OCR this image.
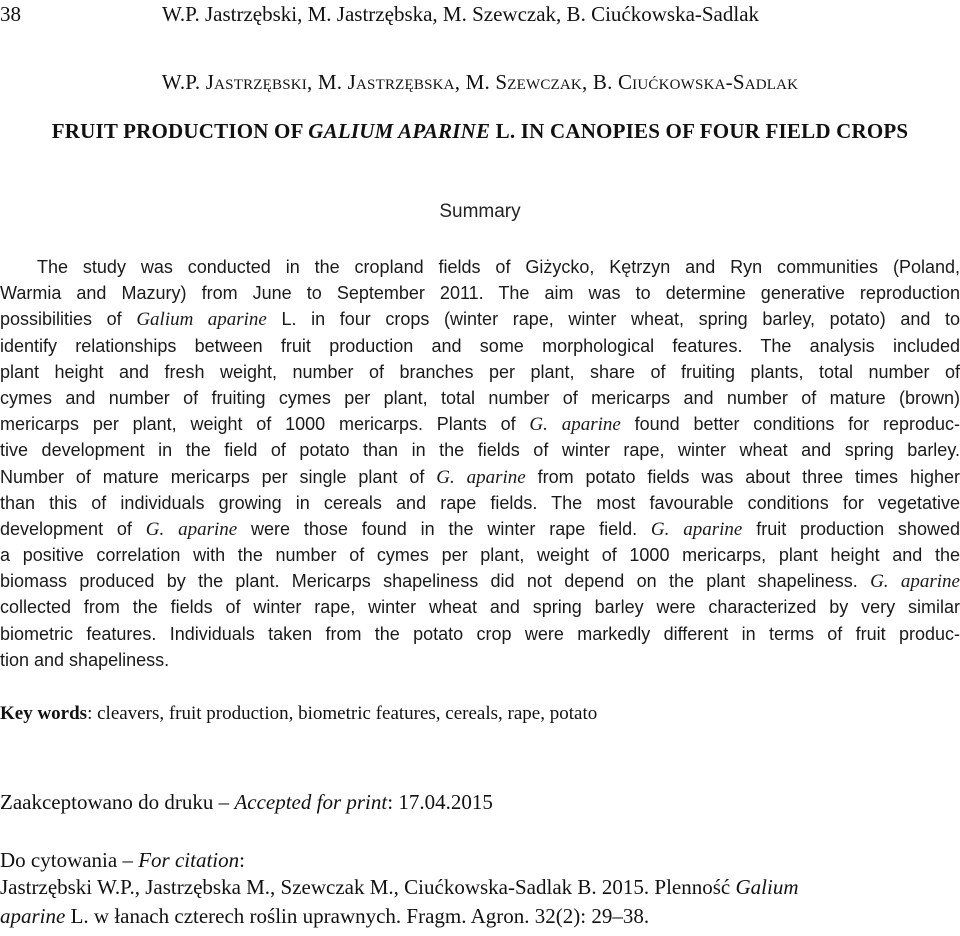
38	W.P. Jastrzębski, M. Jastrzębska, M. Szewczak, B. Ciućkowska-Sadlak
W.P. Jastrzębski, M. Jastrzębska, M. Szewczak, B. Ciućkowska-Sadlak
FRUIT PRODUCTION OF GALIUM APARINE L. IN CANOPIES OF FOUR FIELD CROPS
Summary
The study was conducted in the cropland fields of Giżycko, Kętrzyn and Ryn communities (Poland,
Warmia and Mazury) from June to September 2011. The aim was to determine generative reproduction
possibilities of Galium aparine L. in four crops (winter rape, winter wheat, spring barley, potato) and to
identify relationships between fruit production and some morphological features. The analysis included
plant height and fresh weight, number of branches per plant, share of fruiting plants, total number of
cymes and number of fruiting cymes per plant, total number of mericarps and number of mature (brown)
mericarps per plant, weight of 1000 mericarps. Plants of G. aparine found better conditions for reproduc-
tive development in the field of potato than in the fields of winter rape, winter wheat and spring barley.
Number of mature mericarps per single plant of G. aparine from potato fields was about three times higher
than this of individuals growing in cereals and rape fields. The most favourable conditions for vegetative
development of G. aparine were those found in the winter rape field. G. aparine fruit production showed
a positive correlation with the number of cymes per plant, weight of 1000 mericarps, plant height and the
biomass produced by the plant. Mericarps shapeliness did not depend on the plant shapeliness. G. aparine
collected from the fields of winter rape, winter wheat and spring barley were characterized by very similar
biometric features. Individuals taken from the potato crop were markedly different in terms of fruit produc-
tion and shapeliness.
Key words: cleavers, fruit production, biometric features, cereals, rape, potato
Zaakceptowano do druku – Accepted for print: 17.04.2015
Do cytowania – For citation:
Jastrzębski W.P., Jastrzębska M., Szewczak M., Ciućkowska-Sadlak B. 2015. Plenność Galium
aparine L. w łanach czterech roślin uprawnych. Fragm. Agron. 32(2): 29–38.
